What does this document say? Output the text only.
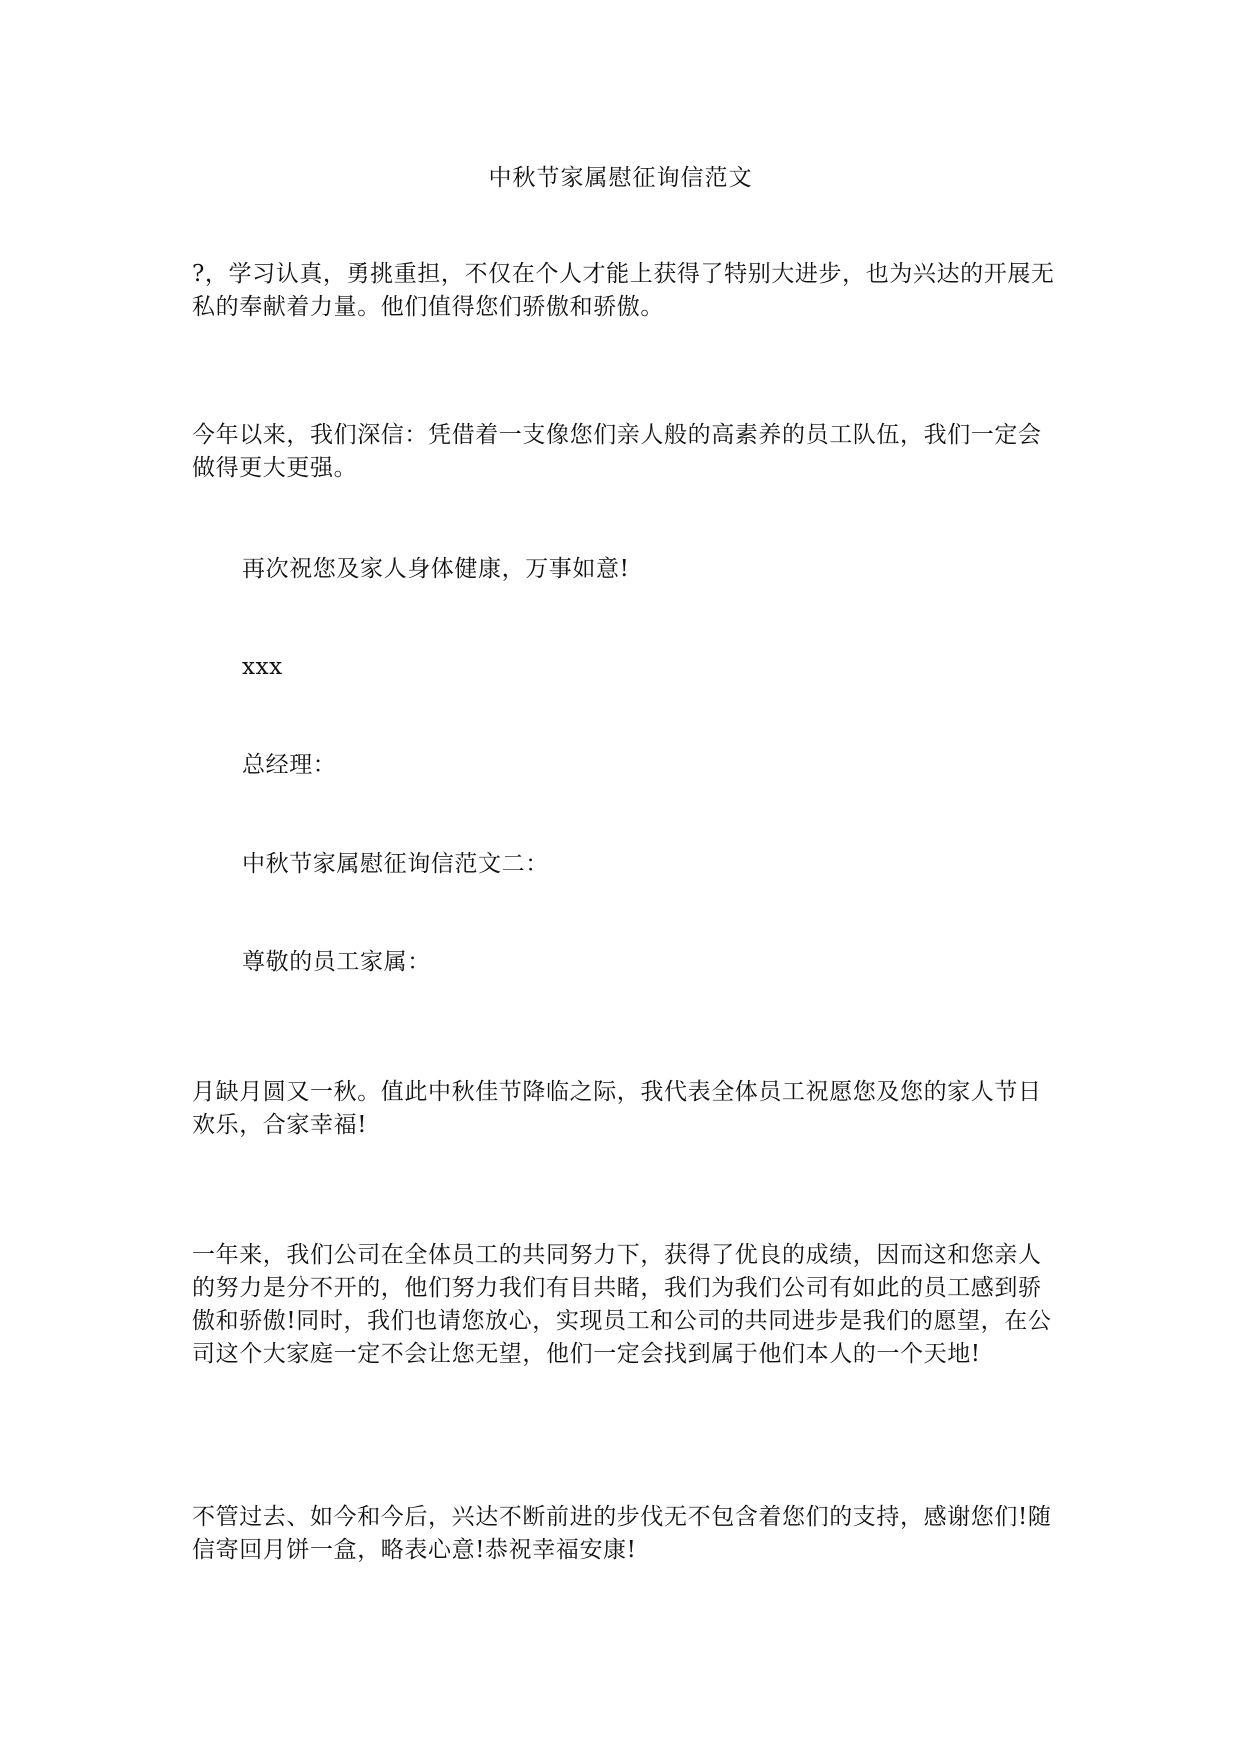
中秋节家属慰征询信范文

?，学习认真，勇挑重担，不仅在个人才能上获得了特别大进步，也为兴达的开展无私的奉献着力量。他们值得您们骄傲和骄傲。

今年以来，我们深信：凭借着一支像您们亲人般的高素养的员工队伍，我们一定会做得更大更强。

再次祝您及家人身体健康，万事如意!

xxx

总经理：

中秋节家属慰征询信范文二：

尊敬的员工家属：

月缺月圆又一秋。值此中秋佳节降临之际，我代表全体员工祝愿您及您的家人节日欢乐，合家幸福!

一年来，我们公司在全体员工的共同努力下，获得了优良的成绩，因而这和您亲人的努力是分不开的，他们努力我们有目共睹，我们为我们公司有如此的员工感到骄傲和骄傲!同时，我们也请您放心，实现员工和公司的共同进步是我们的愿望，在公司这个大家庭一定不会让您无望，他们一定会找到属于他们本人的一个天地!

不管过去、如今和今后，兴达不断前进的步伐无不包含着您们的支持，感谢您们!随信寄回月饼一盒，略表心意!恭祝幸福安康!
